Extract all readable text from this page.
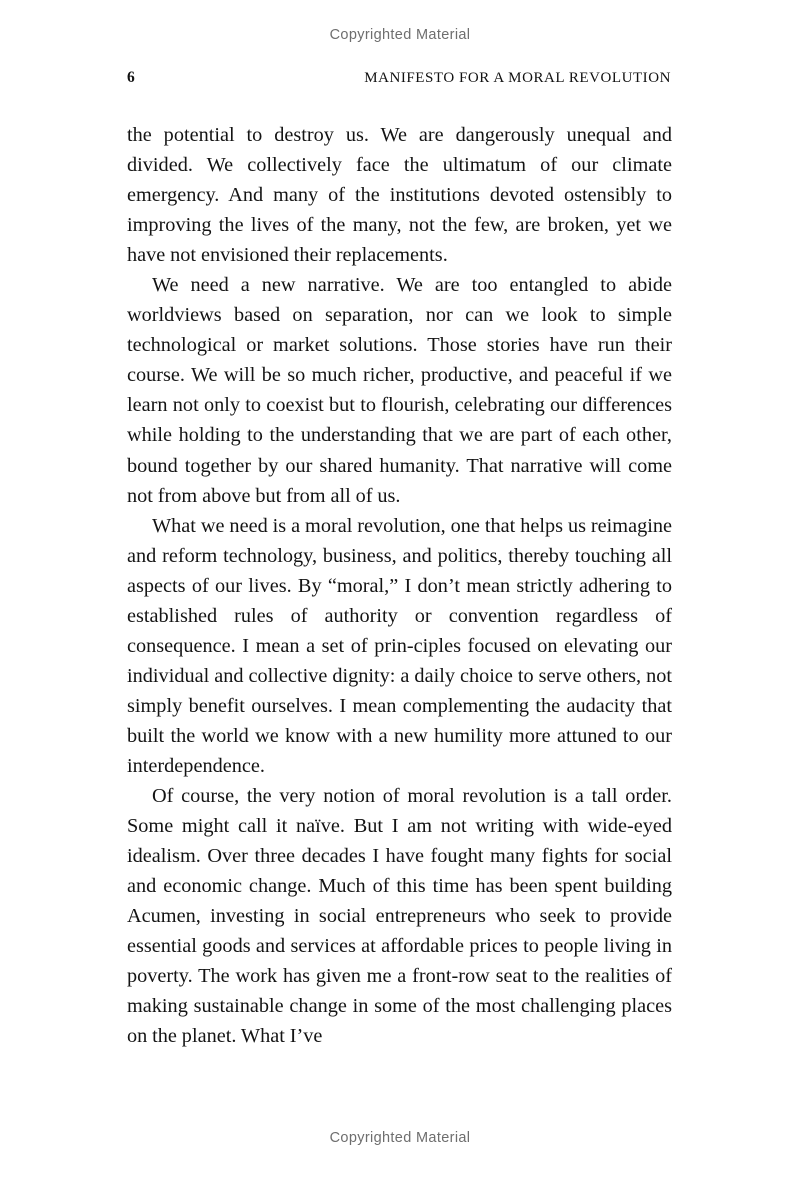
Copyrighted Material
6	MANIFESTO FOR A MORAL REVOLUTION

the potential to destroy us. We are dangerously unequal and divided. We collectively face the ultimatum of our climate emergency. And many of the institutions devoted ostensibly to improving the lives of the many, not the few, are broken, yet we have not envisioned their replacements.

We need a new narrative. We are too entangled to abide worldviews based on separation, nor can we look to simple technological or market solutions. Those stories have run their course. We will be so much richer, productive, and peaceful if we learn not only to coexist but to flourish, celebrating our differences while holding to the understanding that we are part of each other, bound together by our shared humanity. That narrative will come not from above but from all of us.

What we need is a moral revolution, one that helps us reimagine and reform technology, business, and politics, thereby touching all aspects of our lives. By “moral,” I don’t mean strictly adhering to established rules of authority or convention regardless of consequence. I mean a set of prin-ciples focused on elevating our individual and collective dignity: a daily choice to serve others, not simply benefit ourselves. I mean complementing the audacity that built the world we know with a new humility more attuned to our interdependence.

Of course, the very notion of moral revolution is a tall order. Some might call it naïve. But I am not writing with wide-eyed idealism. Over three decades I have fought many fights for social and economic change. Much of this time has been spent building Acumen, investing in social entrepreneurs who seek to provide essential goods and services at affordable prices to people living in poverty. The work has given me a front-row seat to the realities of making sustainable change in some of the most challenging places on the planet. What I’ve

Copyrighted Material
